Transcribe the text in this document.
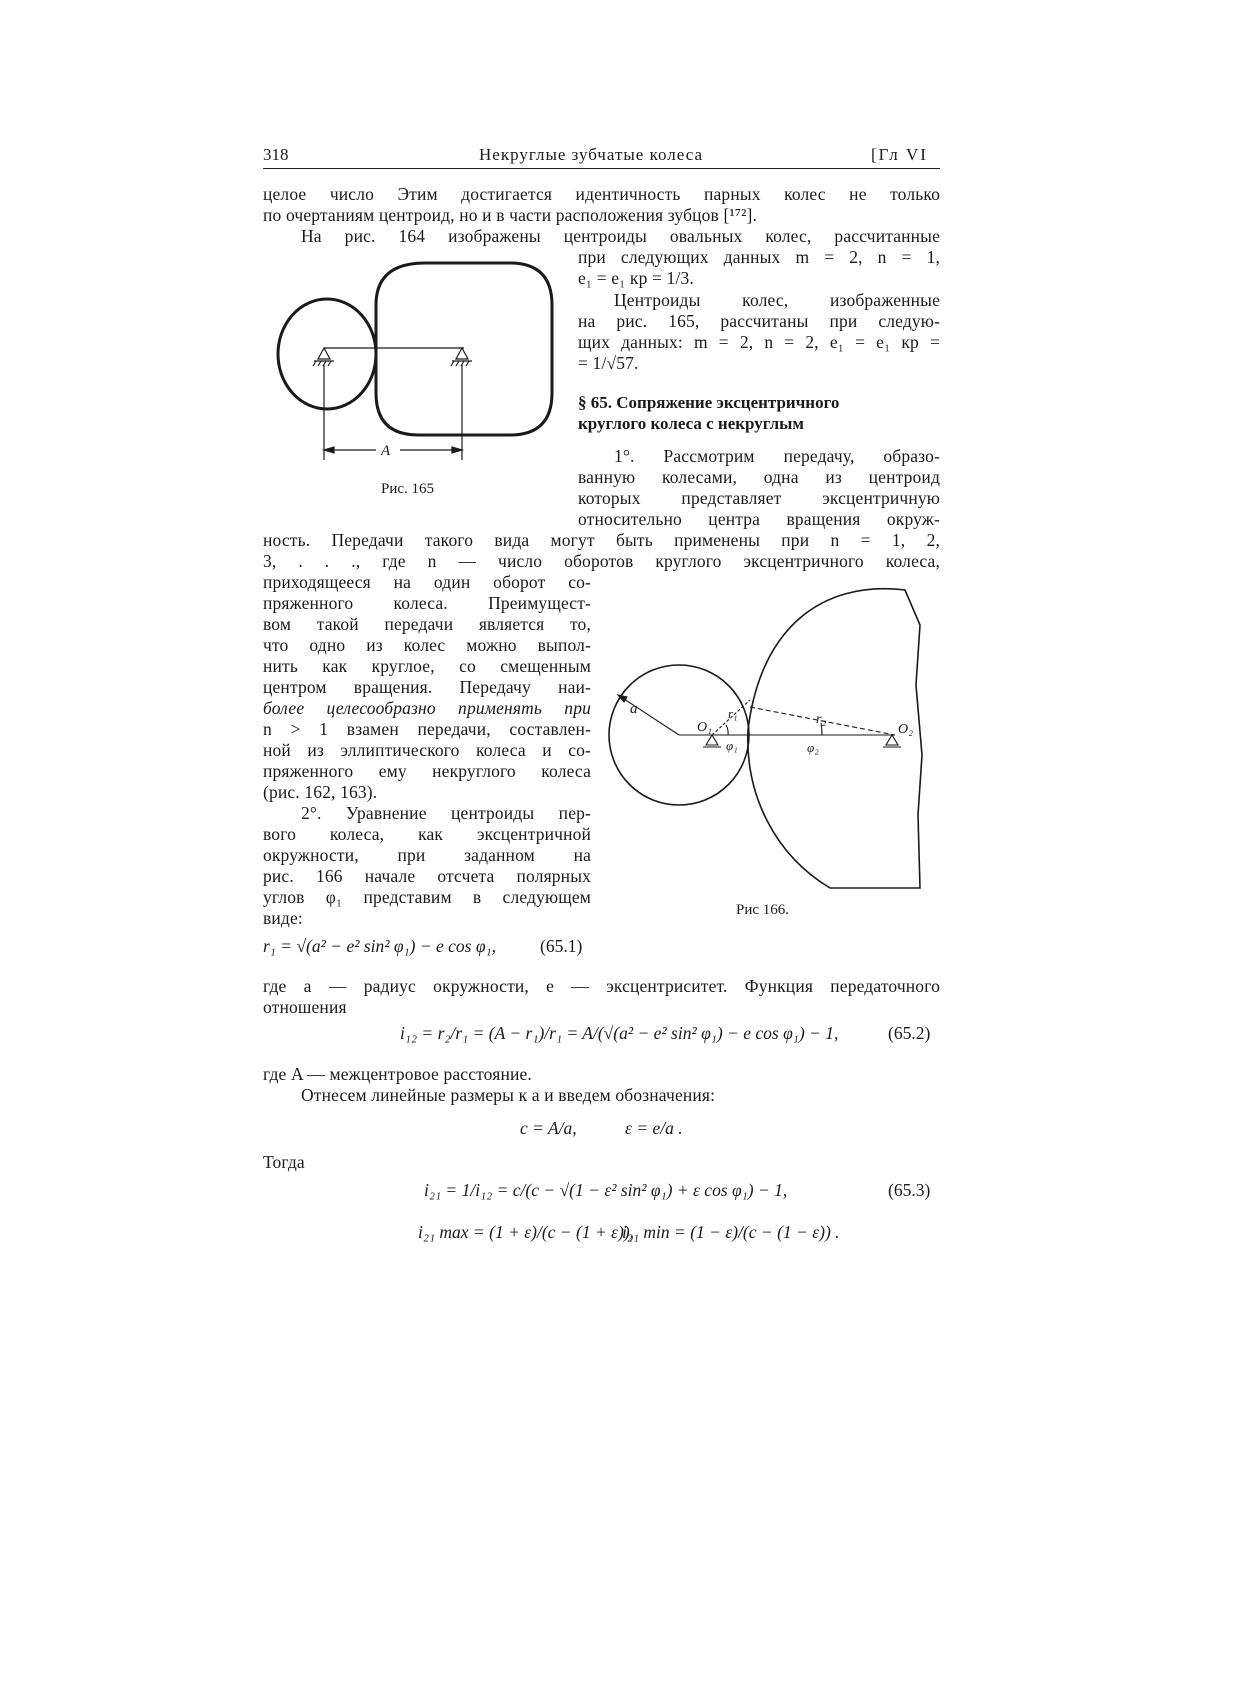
318	Некруглые зубчатые колеса	[Гл VI
целое число Этим достигается идентичность парных колес не только
по очертаниям центроид, но и в части расположения зубцов [¹⁷²].
На рис. 164 изображены центроиды овальных колес, рассчитанные
при следующих данных m = 2, n = 1,
e₁ = e₁ кр = 1/3.
Центроиды колес, изображенные
на рис. 165, рассчитаны при следую-
щих данных: m = 2, n = 2, e₁ = e₁ кр =
= 1/√57.
§ 65. Сопряжение эксцентричного
круглого колеса с некруглым
1°. Рассмотрим передачу, образо-
ванную колесами, одна из центроид
которых представляет эксцентричную
относительно центра вращения окруж-
ность. Передачи такого вида могут быть применены при n = 1, 2,
3, . . ., где n — число оборотов круглого эксцентричного колеса,
приходящееся на один оборот со-
пряженного колеса. Преимущест-
вом такой передачи является то,
что одно из колес можно выпол-
нить как круглое, со смещенным
центром вращения. Передачу наи-
более целесообразно применять при
n > 1 взамен передачи, составлен-
ной из эллиптического колеса и со-
пряженного ему некруглого колеса
(рис. 162, 163).
2°. Уравнение центроиды пер-
вого колеса, как эксцентричной
окружности, при заданном на
рис. 166 начале отсчета полярных
углов φ₁ представим в следующем
виде:
r₁ = √(a² − e² sin² φ₁) − e cos φ₁,	(65.1)
где a — радиус окружности, e — эксцентриситет. Функция передаточного
отношения
i₁₂ = r₂/r₁ = (A − r₁)/r₁ = A/(√(a² − e² sin² φ₁) − e cos φ₁) − 1,	(65.2)
где A — межцентровое расстояние.
Отнесем линейные размеры к a и введем обозначения:
c = A/a,	ε = e/a .
Тогда
i₂₁ = 1/i₁₂ = c/(c − √(1 − ε² sin² φ₁) + ε cos φ₁) − 1,	(65.3)
i₂₁ max = (1 + ε)/(c − (1 + ε)),
i₂₁ min = (1 − ε)/(c − (1 − ε)) .
A
Рис. 165
a
O₁
r₁	r₂
O₂
φ₁	φ₂
Рис 166.
